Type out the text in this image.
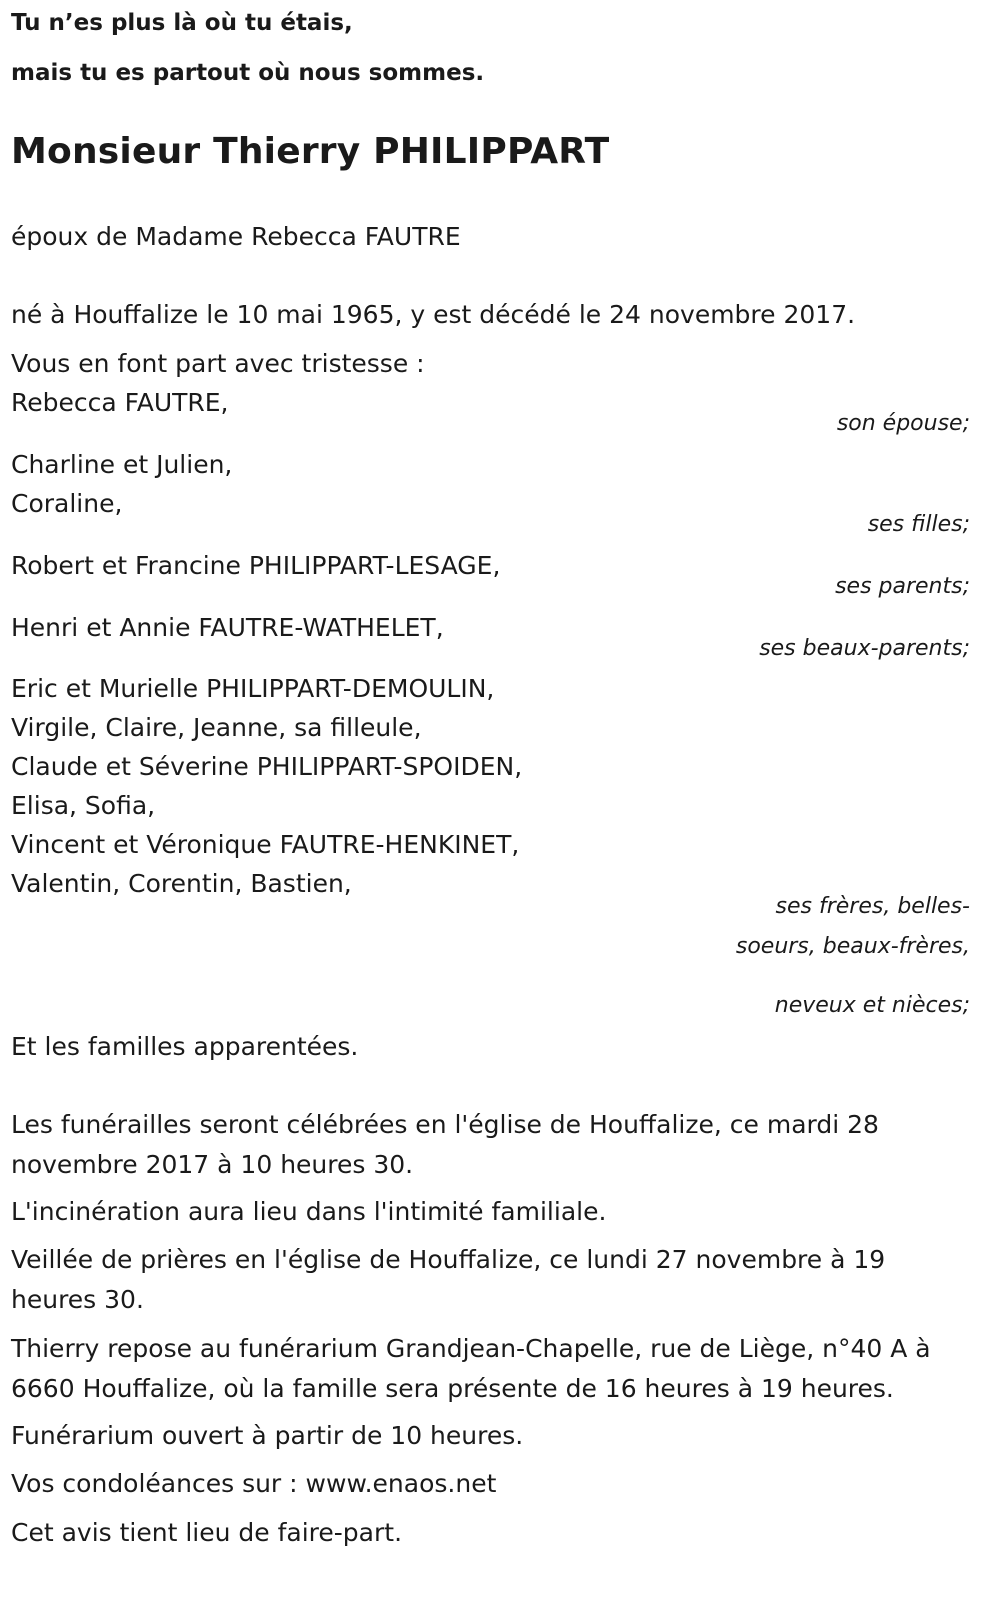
Tu n’es plus là où tu étais,
mais tu es partout où nous sommes.
Monsieur Thierry PHILIPPART
époux de Madame Rebecca FAUTRE
né à Houffalize le 10 mai 1965, y est décédé le 24 novembre 2017.
Vous en font part avec tristesse :
Rebecca FAUTRE,
son épouse;
Charline et Julien,
Coraline,
ses filles;
Robert et Francine PHILIPPART-LESAGE,
ses parents;
Henri et Annie FAUTRE-WATHELET,
ses beaux-parents;
Eric et Murielle PHILIPPART-DEMOULIN,
Virgile, Claire, Jeanne, sa filleule,
Claude et Séverine PHILIPPART-SPOIDEN,
Elisa, Sofia,
Vincent et Véronique FAUTRE-HENKINET,
Valentin, Corentin, Bastien,
ses frères, belles-soeurs, beaux-frères,
neveux et nièces;
Et les familles apparentées.
Les funérailles seront célébrées en l'église de Houffalize, ce mardi 28 novembre 2017 à 10 heures 30.
L'incinération aura lieu dans l'intimité familiale.
Veillée de prières en l'église de Houffalize, ce lundi 27 novembre à 19 heures 30.
Thierry repose au funérarium Grandjean-Chapelle, rue de Liège, n°40 A à 6660 Houffalize, où la famille sera présente de 16 heures à 19 heures.
Funérarium ouvert à partir de 10 heures.
Vos condoléances sur : www.enaos.net
Cet avis tient lieu de faire-part.
